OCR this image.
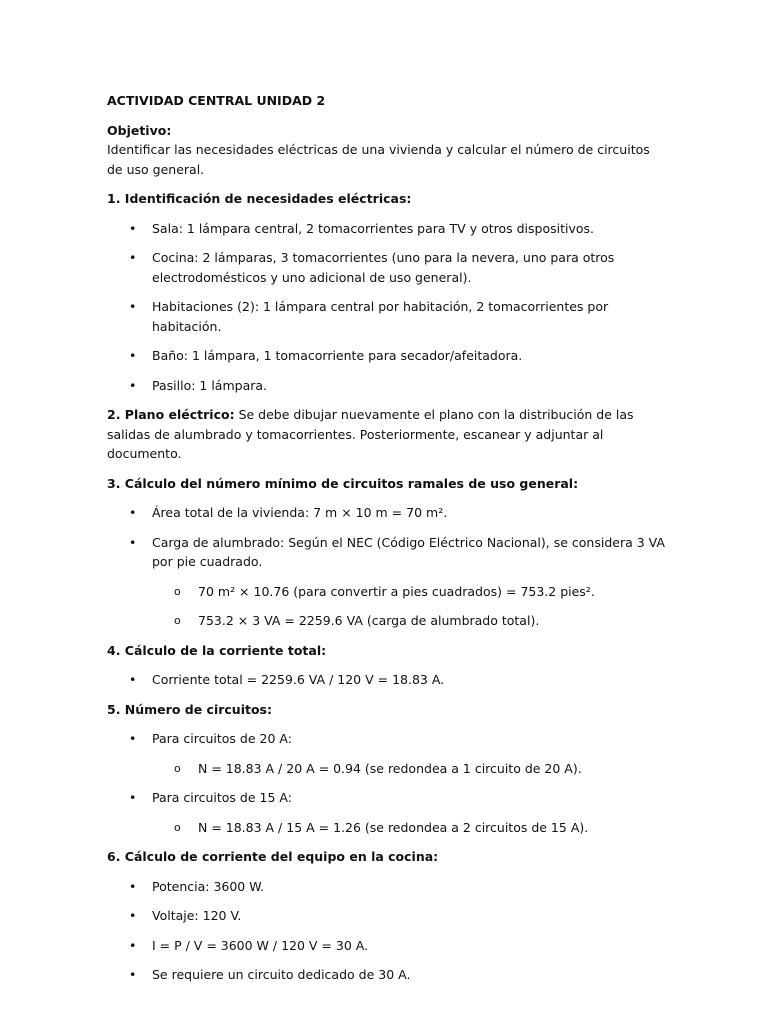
ACTIVIDAD CENTRAL UNIDAD 2

Objetivo:
Identificar las necesidades eléctricas de una vivienda y calcular el número de circuitos de uso general.

1. Identificación de necesidades eléctricas:

• Sala: 1 lámpara central, 2 tomacorrientes para TV y otros dispositivos.
• Cocina: 2 lámparas, 3 tomacorrientes (uno para la nevera, uno para otros electrodomésticos y uno adicional de uso general).
• Habitaciones (2): 1 lámpara central por habitación, 2 tomacorrientes por habitación.
• Baño: 1 lámpara, 1 tomacorriente para secador/afeitadora.
• Pasillo: 1 lámpara.

2. Plano eléctrico: Se debe dibujar nuevamente el plano con la distribución de las salidas de alumbrado y tomacorrientes. Posteriormente, escanear y adjuntar al documento.

3. Cálculo del número mínimo de circuitos ramales de uso general:

• Área total de la vivienda: 7 m × 10 m = 70 m².
• Carga de alumbrado: Según el NEC (Código Eléctrico Nacional), se considera 3 VA por pie cuadrado.
o	70 m² × 10.76 (para convertir a pies cuadrados) = 753.2 pies².
o	753.2 × 3 VA = 2259.6 VA (carga de alumbrado total).

4. Cálculo de la corriente total:

• Corriente total = 2259.6 VA / 120 V = 18.83 A.

5. Número de circuitos:

• Para circuitos de 20 A:
o	N = 18.83 A / 20 A = 0.94 (se redondea a 1 circuito de 20 A).
• Para circuitos de 15 A:
o	N = 18.83 A / 15 A = 1.26 (se redondea a 2 circuitos de 15 A).

6. Cálculo de corriente del equipo en la cocina:

• Potencia: 3600 W.
• Voltaje: 120 V.
• I = P / V = 3600 W / 120 V = 30 A.
• Se requiere un circuito dedicado de 30 A.
